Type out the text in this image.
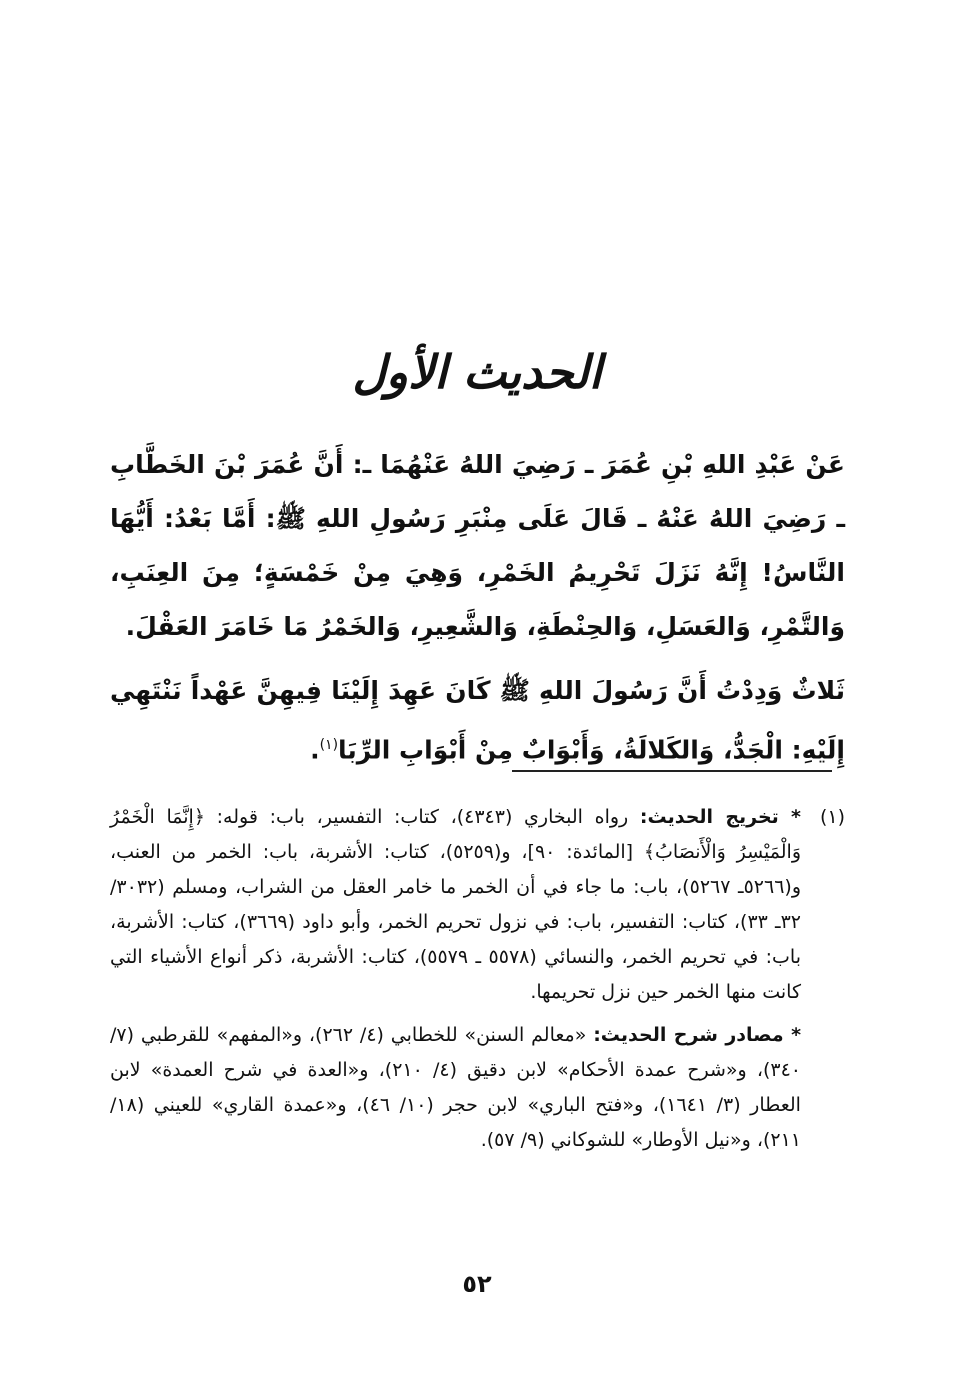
الحديث الأول

عَنْ عَبْدِ اللهِ بْنِ عُمَرَ ـ رَضِيَ اللهُ عَنْهُمَا ـ: أَنَّ عُمَرَ بْنَ الخَطَّابِ ـ رَضِيَ اللهُ عَنْهُ ـ قَالَ عَلَى مِنْبَرِ رَسُولِ اللهِ ﷺ: أَمَّا بَعْدُ: أَيُّهَا النَّاسُ! إِنَّهُ نَزَلَ تَحْرِيمُ الخَمْرِ، وَهِيَ مِنْ خَمْسَةٍ؛ مِنَ العِنَبِ، وَالتَّمْرِ، وَالعَسَلِ، وَالحِنْطَةِ، وَالشَّعِيرِ، وَالخَمْرُ مَا خَامَرَ العَقْلَ.

ثَلاثٌ وَدِدْتُ أَنَّ رَسُولَ اللهِ ﷺ كَانَ عَهِدَ إِلَيْنَا فِيهِنَّ عَهْداً نَنْتَهِي إِلَيْهِ: الْجَدُّ، وَالكَلالَةُ، وَأَبْوَابٌ مِنْ أَبْوَابِ الرِّبَا$^{(١)}$.

(١)

* تخريج الحديث: رواه البخاري (٤٣٤٣)، كتاب: التفسير، باب: قوله: ﴿إِنَّمَا الْخَمْرُ وَالْمَيْسِرُ وَالْأَنصَابُ﴾ [المائدة: ٩٠]، و(٥٢٥٩)، كتاب: الأشربة، باب: الخمر من العنب، و(٥٢٦٦ـ ٥٢٦٧)، باب: ما جاء في أن الخمر ما خامر العقل من الشراب، ومسلم (٣٠٣٢/ ٣٢ـ ٣٣)، كتاب: التفسير، باب: في نزول تحريم الخمر، وأبو داود (٣٦٦٩)، كتاب: الأشربة، باب: في تحريم الخمر، والنسائي (٥٥٧٨ ـ ٥٥٧٩)، كتاب: الأشربة، ذكر أنواع الأشياء التي كانت منها الخمر حين نزل تحريمها.

* مصادر شرح الحديث: «معالم السنن» للخطابي (٤/ ٢٦٢)، و«المفهم» للقرطبي (٧/ ٣٤٠)، و«شرح عمدة الأحكام» لابن دقيق (٤/ ٢١٠)، و«العدة في شرح العمدة» لابن العطار (٣/ ١٦٤١)، و«فتح الباري» لابن حجر (١٠/ ٤٦)، و«عمدة القاري» للعيني (١٨/ ٢١١)، و«نيل الأوطار» للشوكاني (٩/ ٥٧).

٥٢
